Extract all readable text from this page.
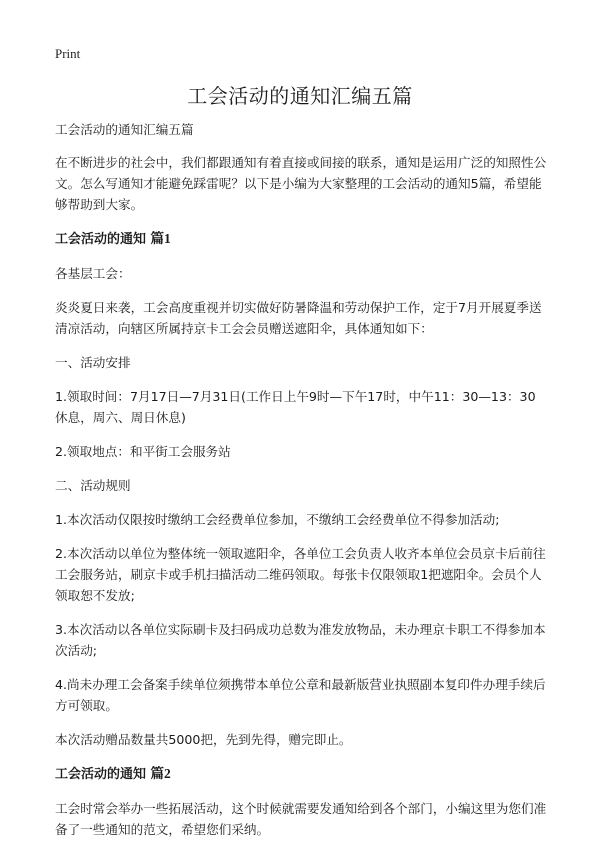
Print
工会活动的通知汇编五篇

工会活动的通知汇编五篇

在不断进步的社会中，我们都跟通知有着直接或间接的联系，通知是运用广泛的知照性公文。怎么写通知才能避免踩雷呢？以下是小编为大家整理的工会活动的通知5篇，希望能够帮助到大家。

工会活动的通知 篇1

各基层工会：

炎炎夏日来袭，工会高度重视并切实做好防暑降温和劳动保护工作，定于7月开展夏季送清凉活动，向辖区所属持京卡工会会员赠送遮阳伞，具体通知如下：

一、活动安排

1.领取时间：7月17日—7月31日(工作日上午9时—下午17时，中午11：30—13：30休息，周六、周日休息)

2.领取地点：和平街工会服务站

二、活动规则

1.本次活动仅限按时缴纳工会经费单位参加，不缴纳工会经费单位不得参加活动;

2.本次活动以单位为整体统一领取遮阳伞，各单位工会负责人收齐本单位会员京卡后前往工会服务站，刷京卡或手机扫描活动二维码领取。每张卡仅限领取1把遮阳伞。会员个人领取恕不发放;

3.本次活动以各单位实际刷卡及扫码成功总数为准发放物品，未办理京卡职工不得参加本次活动;

4.尚未办理工会备案手续单位须携带本单位公章和最新版营业执照副本复印件办理手续后方可领取。

本次活动赠品数量共5000把，先到先得，赠完即止。

工会活动的通知 篇2

工会时常会举办一些拓展活动，这个时候就需要发通知给到各个部门，小编这里为您们准备了一些通知的范文，希望您们采纳。
